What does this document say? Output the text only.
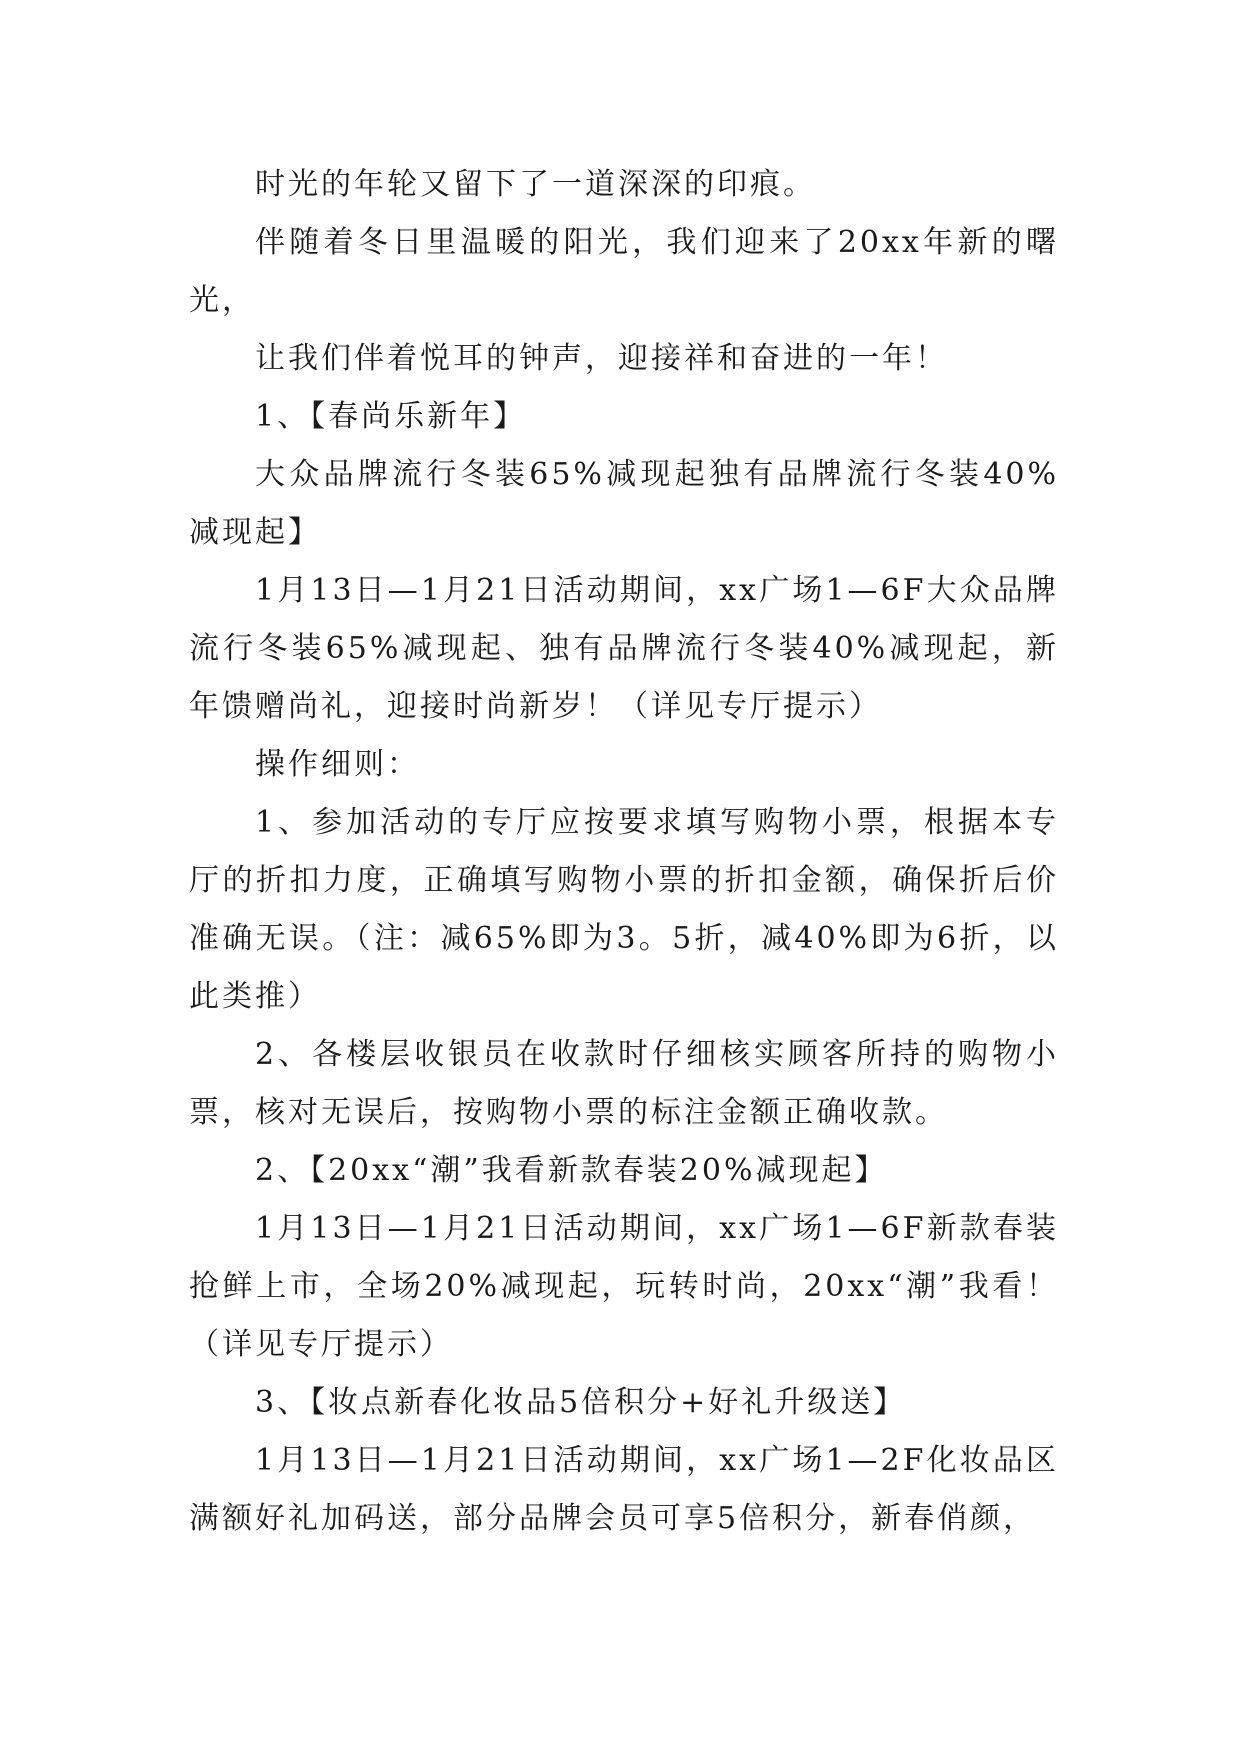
时光的年轮又留下了一道深深的印痕。

伴随着冬日里温暖的阳光，我们迎来了20xx年新的曙光，

让我们伴着悦耳的钟声，迎接祥和奋进的一年！

1、【春尚乐新年】

大众品牌流行冬装65%减现起独有品牌流行冬装40%减现起】

1月13日—1月21日活动期间，xx广场1—6F大众品牌流行冬装65%减现起、独有品牌流行冬装40%减现起，新年馈赠尚礼，迎接时尚新岁！（详见专厅提示）

操作细则：

1、参加活动的专厅应按要求填写购物小票，根据本专厅的折扣力度，正确填写购物小票的折扣金额，确保折后价准确无误。（注：减65%即为3。5折，减40%即为6折，以此类推）

2、各楼层收银员在收款时仔细核实顾客所持的购物小票，核对无误后，按购物小票的标注金额正确收款。

2、【20xx“潮”我看新款春装20%减现起】

1月13日—1月21日活动期间，xx广场1—6F新款春装抢鲜上市，全场20%减现起，玩转时尚，20xx“潮”我看！（详见专厅提示）

3、【妆点新春化妆品5倍积分+好礼升级送】

1月13日—1月21日活动期间，xx广场1—2F化妆品区满额好礼加码送，部分品牌会员可享5倍积分，新春俏颜，
